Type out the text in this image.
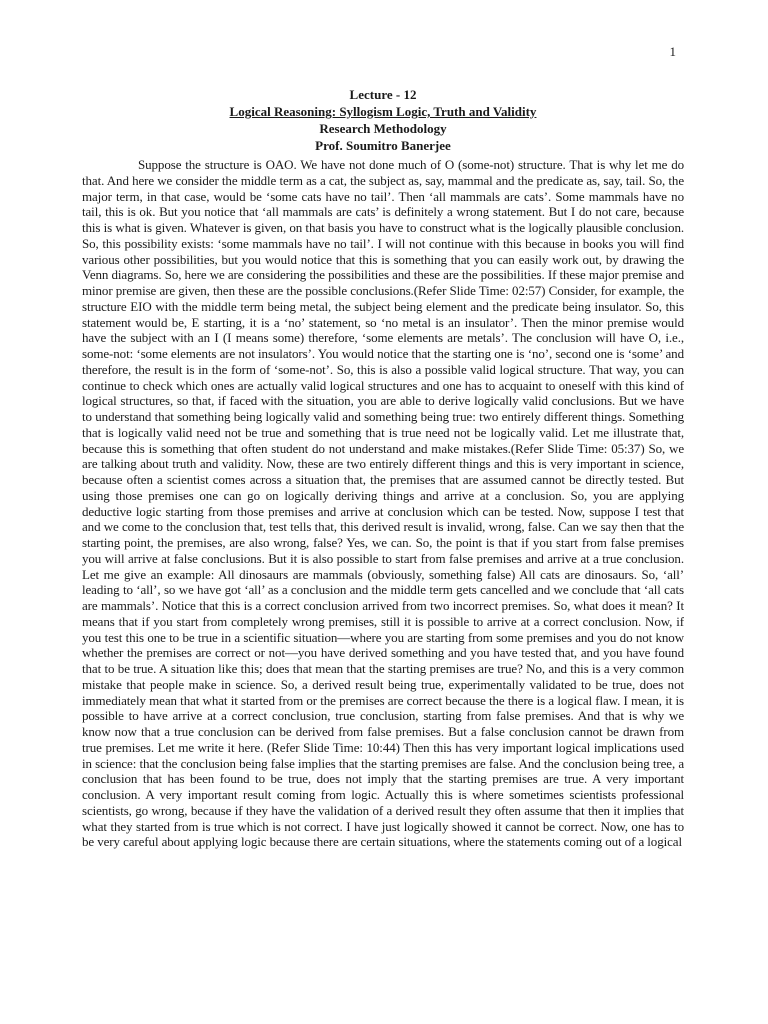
1
Lecture - 12
Logical Reasoning: Syllogism Logic, Truth and Validity
Research Methodology
Prof. Soumitro Banerjee

Suppose the structure is OAO. We have not done much of O (some-not) structure. That is why let me do that. And here we consider the middle term as a cat, the subject as, say, mammal and the predicate as, say, tail. So, the major term, in that case, would be ‘some cats have no tail’. Then ‘all mammals are cats’. Some mammals have no tail, this is ok. But you notice that ‘all mammals are cats’ is definitely a wrong statement. But I do not care, because this is what is given. Whatever is given, on that basis you have to construct what is the logically plausible conclusion. So, this possibility exists: ‘some mammals have no tail’. I will not continue with this because in books you will find various other possibilities, but you would notice that this is something that you can easily work out, by drawing the Venn diagrams. So, here we are considering the possibilities and these are the possibilities. If these major premise and minor premise are given, then these are the possible conclusions.(Refer Slide Time: 02:57) Consider, for example, the structure EIO with the middle term being metal, the subject being element and the predicate being insulator. So, this statement would be, E starting, it is a ‘no’ statement, so ‘no metal is an insulator’. Then the minor premise would have the subject with an I (I means some) therefore, ‘some elements are metals’. The conclusion will have O, i.e., some-not: ‘some elements are not insulators’. You would notice that the starting one is ‘no’, second one is ‘some’ and therefore, the result is in the form of ‘some-not’. So, this is also a possible valid logical structure. That way, you can continue to check which ones are actually valid logical structures and one has to acquaint to oneself with this kind of logical structures, so that, if faced with the situation, you are able to derive logically valid conclusions. But we have to understand that something being logically valid and something being true: two entirely different things. Something that is logically valid need not be true and something that is true need not be logically valid. Let me illustrate that, because this is something that often student do not understand and make mistakes.(Refer Slide Time: 05:37) So, we are talking about truth and validity. Now, these are two entirely different things and this is very important in science, because often a scientist comes across a situation that, the premises that are assumed cannot be directly tested. But using those premises one can go on logically deriving things and arrive at a conclusion. So, you are applying deductive logic starting from those premises and arrive at conclusion which can be tested. Now, suppose I test that and we come to the conclusion that, test tells that, this derived result is invalid, wrong, false. Can we say then that the starting point, the premises, are also wrong, false? Yes, we can. So, the point is that if you start from false premises you will arrive at false conclusions. But it is also possible to start from false premises and arrive at a true conclusion. Let me give an example: All dinosaurs are mammals (obviously, something false) All cats are dinosaurs. So, ‘all’ leading to ‘all’, so we have got ‘all’ as a conclusion and the middle term gets cancelled and we conclude that ‘all cats are mammals’. Notice that this is a correct conclusion arrived from two incorrect premises. So, what does it mean? It means that if you start from completely wrong premises, still it is possible to arrive at a correct conclusion. Now, if you test this one to be true in a scientific situation—where you are starting from some premises and you do not know whether the premises are correct or not—you have derived something and you have tested that, and you have found that to be true. A situation like this; does that mean that the starting premises are true? No, and this is a very common mistake that people make in science. So, a derived result being true, experimentally validated to be true, does not immediately mean that what it started from or the premises are correct because the there is a logical flaw. I mean, it is possible to have arrive at a correct conclusion, true conclusion, starting from false premises. And that is why we know now that a true conclusion can be derived from false premises. But a false conclusion cannot be drawn from true premises. Let me write it here. (Refer Slide Time: 10:44) Then this has very important logical implications used in science: that the conclusion being false implies that the starting premises are false. And the conclusion being tree, a conclusion that has been found to be true, does not imply that the starting premises are true. A very important conclusion. A very important result coming from logic. Actually this is where sometimes scientists professional scientists, go wrong, because if they have the validation of a derived result they often assume that then it implies that what they started from is true which is not correct. I have just logically showed it cannot be correct. Now, one has to be very careful about applying logic because there are certain situations, where the statements coming out of a logical
